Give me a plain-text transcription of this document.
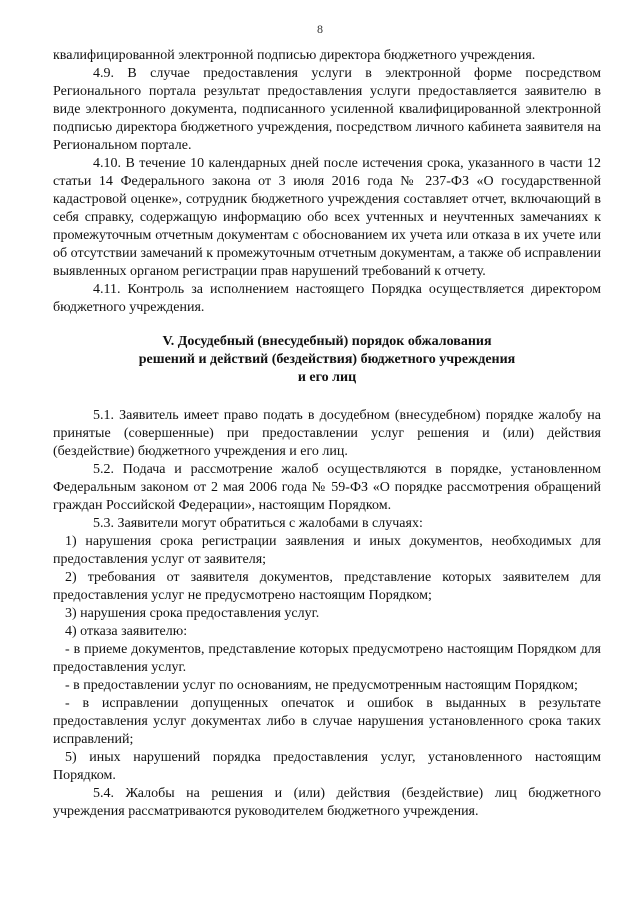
8

квалифицированной электронной подписью директора бюджетного учреждения.

4.9. В случае предоставления услуги в электронной форме посредством Регионального портала результат предоставления услуги предоставляется заявителю в виде электронного документа, подписанного усиленной квалифицированной электронной подписью директора бюджетного учреждения, посредством личного кабинета заявителя на Региональном портале.

4.10. В течение 10 календарных дней после истечения срока, указанного в части 12 статьи 14 Федерального закона от 3 июля 2016 года № 237-ФЗ «О государственной кадастровой оценке», сотрудник бюджетного учреждения составляет отчет, включающий в себя справку, содержащую информацию обо всех учтенных и неучтенных замечаниях к промежуточным отчетным документам с обоснованием их учета или отказа в их учете или об отсутствии замечаний к промежуточным отчетным документам, а также об исправлении выявленных органом регистрации прав нарушений требований к отчету.

4.11. Контроль за исполнением настоящего Порядка осуществляется директором бюджетного учреждения.

V. Досудебный (внесудебный) порядок обжалования
решений и действий (бездействия) бюджетного учреждения
и его лиц

5.1. Заявитель имеет право подать в досудебном (внесудебном) порядке жалобу на принятые (совершенные) при предоставлении услуг решения и (или) действия (бездействие) бюджетного учреждения и его лиц.

5.2. Подача и рассмотрение жалоб осуществляются в порядке, установленном Федеральным законом от 2 мая 2006 года № 59-ФЗ «О порядке рассмотрения обращений граждан Российской Федерации», настоящим Порядком.

5.3. Заявители могут обратиться с жалобами в случаях:

1) нарушения срока регистрации заявления и иных документов, необходимых для предоставления услуг от заявителя;

2) требования от заявителя документов, представление которых заявителем для предоставления услуг не предусмотрено настоящим Порядком;

3) нарушения срока предоставления услуг.

4) отказа заявителю:

- в приеме документов, представление которых предусмотрено настоящим Порядком для предоставления услуг.

- в предоставлении услуг по основаниям, не предусмотренным настоящим Порядком;

- в исправлении допущенных опечаток и ошибок в выданных в результате предоставления услуг документах либо в случае нарушения установленного срока таких исправлений;

5) иных нарушений порядка предоставления услуг, установленного настоящим Порядком.

5.4. Жалобы на решения и (или) действия (бездействие) лиц бюджетного учреждения рассматриваются руководителем бюджетного учреждения.
